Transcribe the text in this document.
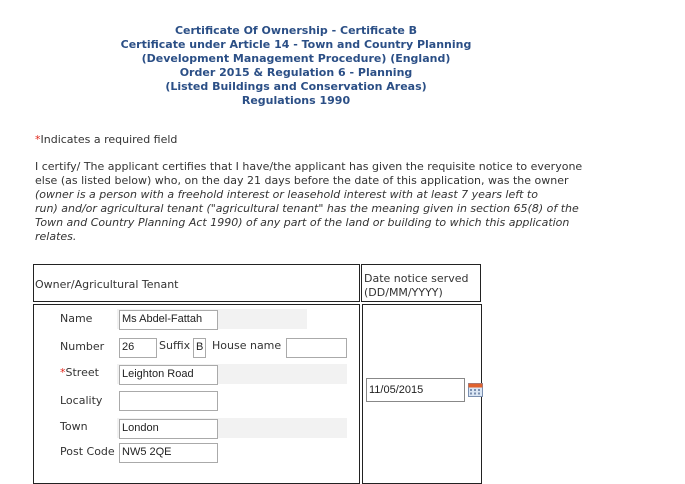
Certificate Of Ownership - Certificate B
Certificate under Article 14 - Town and Country Planning
(Development Management Procedure) (England)
Order 2015 & Regulation 6 - Planning
(Listed Buildings and Conservation Areas)
Regulations 1990
*Indicates a required field
I certify/ The applicant certifies that I have/the applicant has given the requisite notice to everyone
else (as listed below) who, on the day 21 days before the date of this application, was the owner
(owner is a person with a freehold interest or leasehold interest with at least 7 years left to
run) and/or agricultural tenant ("agricultural tenant" has the meaning given in section 65(8) of the
Town and Country Planning Act 1990) of any part of the land or building to which this application
relates.
Owner/Agricultural Tenant	Date notice served
(DD/MM/YYYY)
Name	Ms Abdel-Fattah
Number 26	Suffix B House name
*Street Leighton Road
Locality
Town	London
Post Code NW5 2QE
11/05/2015
